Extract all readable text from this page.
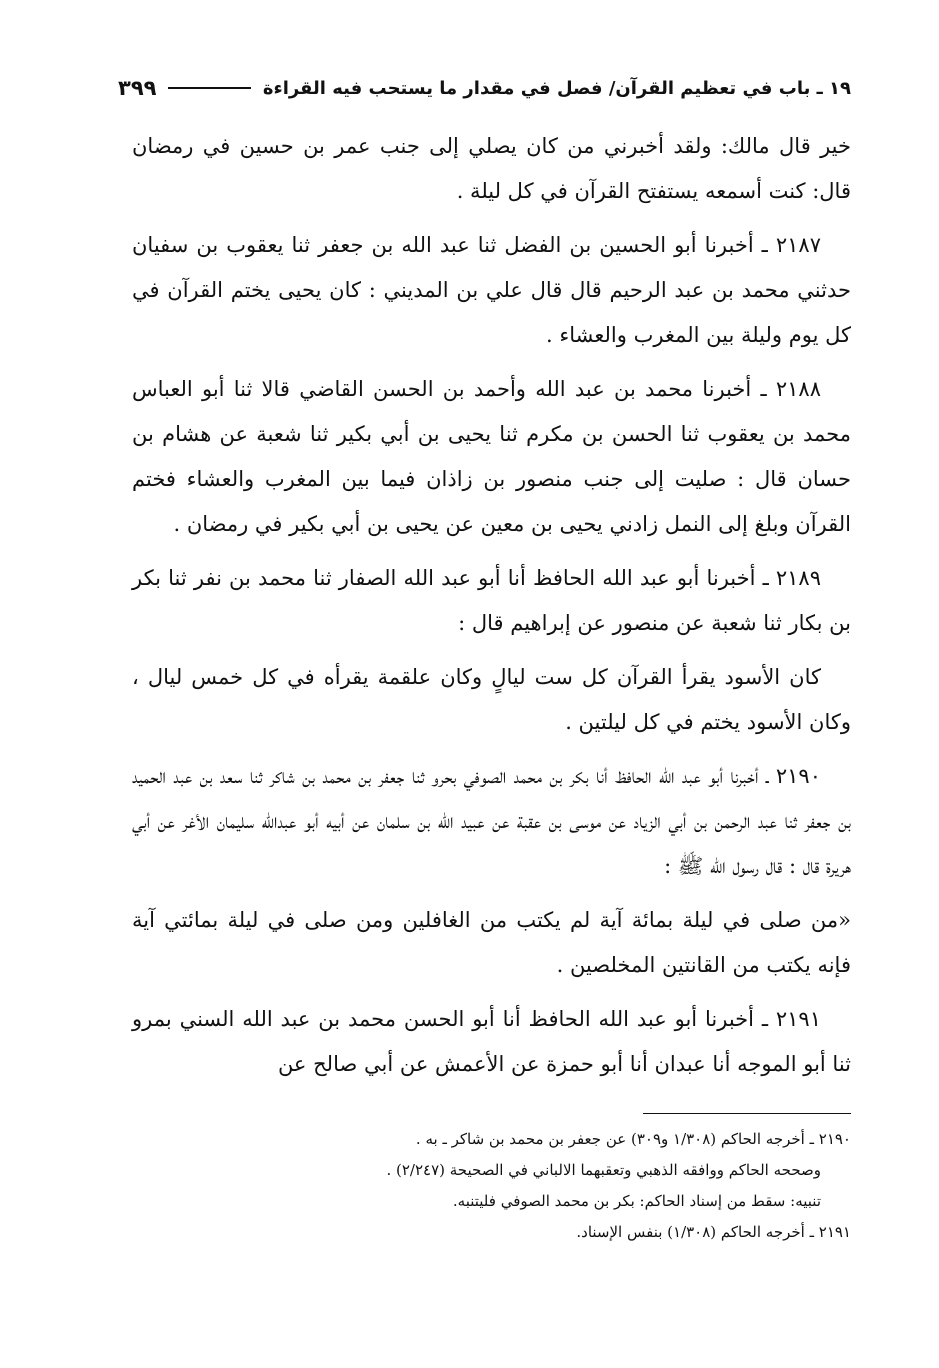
١٩ ـ باب في تعظيم القرآن/ فصل في مقدار ما يستحب فيه القراءة
٣٩٩

خير قال مالك: ولقد أخبرني من كان يصلي إلى جنب عمر بن حسين في رمضان قال: كنت أسمعه يستفتح القرآن في كل ليلة .

٢١٨٧ ـ أخبرنا أبو الحسين بن الفضل ثنا عبد الله بن جعفر ثنا يعقوب بن سفيان حدثني محمد بن عبد الرحيم قال قال علي بن المديني : كان يحيى يختم القرآن في كل يوم وليلة بين المغرب والعشاء .

٢١٨٨ ـ أخبرنا محمد بن عبد الله وأحمد بن الحسن القاضي قالا ثنا أبو العباس محمد بن يعقوب ثنا الحسن بن مكرم ثنا يحيى بن أبي بكير ثنا شعبة عن هشام بن حسان قال : صليت إلى جنب منصور بن زاذان فيما بين المغرب والعشاء فختم القرآن وبلغ إلى النمل زادني يحيى بن معين عن يحيى بن أبي بكير في رمضان .

٢١٨٩ ـ أخبرنا أبو عبد الله الحافظ أنا أبو عبد الله الصفار ثنا محمد بن نفر ثنا بكر بن بكار ثنا شعبة عن منصور عن إبراهيم قال :

كان الأسود يقرأ القرآن كل ست ليالٍ وكان علقمة يقرأه في كل خمس ليال ، وكان الأسود يختم في كل ليلتين .

٢١٩٠ ـ أخبرنا أبو عبد الله الحافظ أنا بكر بن محمد الصوفي بحرو ثنا جعفر بن محمد بن شاكر ثنا سعد بن عبد الحميد بن جعفر ثنا عبد الرحمن بن أبي الزياد عن موسى بن عقبة عن عبيد الله بن سلمان عن أبيه أبو عبدالله سليمان الأغر عن أبي هريرة قال : قال رسول الله ﷺ :

«من صلى في ليلة بمائة آية لم يكتب من الغافلين ومن صلى في ليلة بمائتي آية فإنه يكتب من القانتين المخلصين .

٢١٩١ ـ أخبرنا أبو عبد الله الحافظ أنا أبو الحسن محمد بن عبد الله السني بمرو ثنا أبو الموجه أنا عبدان أنا أبو حمزة عن الأعمش عن أبي صالح عن

٢١٩٠ ـ أخرجه الحاكم (١/٣٠٨ و٣٠٩) عن جعفر بن محمد بن شاكر ـ به .

وصححه الحاكم ووافقه الذهبي وتعقبهما الالباني في الصحيحة (٢/٢٤٧) .

تنبيه: سقط من إسناد الحاكم: بكر بن محمد الصوفي فليتنبه.

٢١٩١ ـ أخرجه الحاكم (١/٣٠٨) بنفس الإسناد.
